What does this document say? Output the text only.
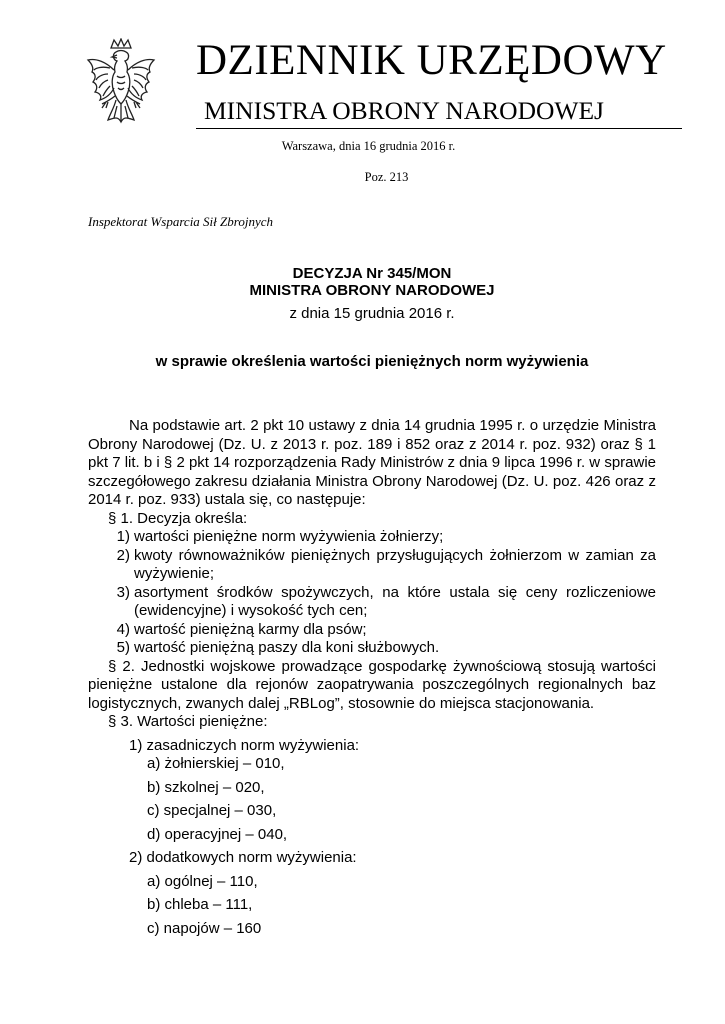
DZIENNIK URZĘDOWY
MINISTRA OBRONY NARODOWEJ
Warszawa, dnia 16 grudnia 2016 r.
Poz. 213
Inspektorat Wsparcia Sił Zbrojnych

DECYZJA Nr 345/MON

MINISTRA OBRONY NARODOWEJ

z dnia 15 grudnia 2016 r.

w sprawie określenia wartości pieniężnych norm wyżywienia

Na podstawie art. 2 pkt 10 ustawy z dnia 14 grudnia 1995 r. o urzędzie Ministra Obrony Narodowej (Dz. U. z 2013 r. poz. 189 i 852 oraz z 2014 r. poz. 932) oraz § 1 pkt 7 lit. b i § 2 pkt 14 rozporządzenia Rady Ministrów z dnia 9 lipca 1996 r. w sprawie szczegółowego zakresu działania Ministra Obrony Narodowej (Dz. U. poz. 426 oraz z 2014 r. poz. 933) ustala się, co następuje:

§ 1. Decyzja określa:

1) wartości pieniężne norm wyżywienia żołnierzy;
2) kwoty równoważników pieniężnych przysługujących żołnierzom w zamian za wyżywienie;
3) asortyment środków spożywczych, na które ustala się ceny rozliczeniowe (ewidencyjne) i wysokość tych cen;
4) wartość pieniężną karmy dla psów;
5) wartość pieniężną paszy dla koni służbowych.

§ 2. Jednostki wojskowe prowadzące gospodarkę żywnościową stosują wartości pieniężne ustalone dla rejonów zaopatrywania poszczególnych regionalnych baz logistycznych, zwanych dalej „RBLog”, stosownie do miejsca stacjonowania.

§ 3. Wartości pieniężne:

1) zasadniczych norm wyżywienia:

a) żołnierskiej – 010,

b) szkolnej – 020,

c) specjalnej – 030,

d) operacyjnej – 040,

2) dodatkowych norm wyżywienia:

a) ogólnej – 110,

b) chleba – 111,

c) napojów – 160
